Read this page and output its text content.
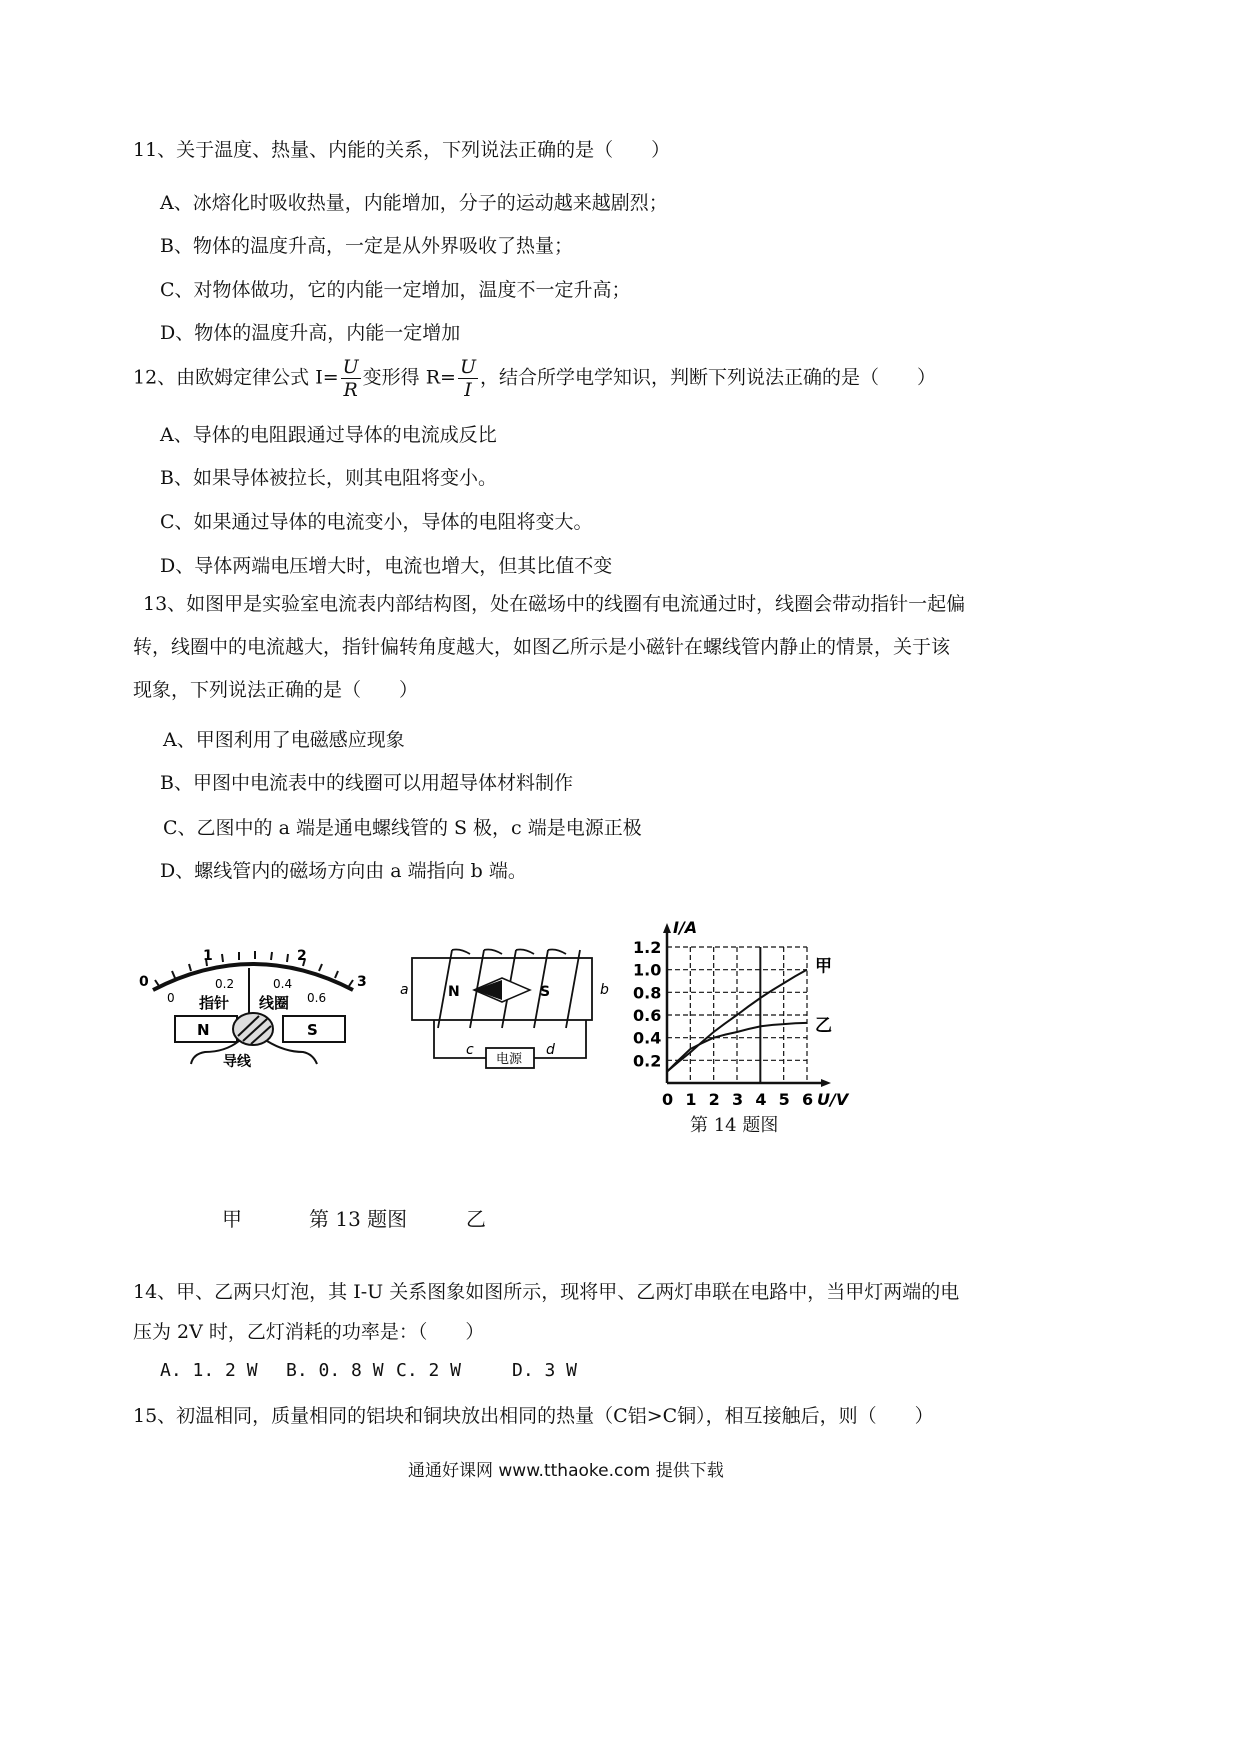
11、关于温度、热量、内能的关系，下列说法正确的是（　　）
A、冰熔化时吸收热量，内能增加，分子的运动越来越剧烈；
B、物体的温度升高，一定是从外界吸收了热量；
C、对物体做功，它的内能一定增加，温度不一定升高；
D、物体的温度升高，内能一定增加
12、由欧姆定律公式 $I= \frac{U}{R}$ 变形得 $R= \frac{U}{I}$ ，结合所学电学知识，判断下列说法正确的是（　　）
A、导体的电阻跟通过导体的电流成反比
B、如果导体被拉长，则其电阻将变小。
C、如果通过导体的电流变小，导体的电阻将变大。
D、导体两端电压增大时，电流也增大，但其比值不变
13、如图甲是实验室电流表内部结构图，处在磁场中的线圈有电流通过时，线圈会带动指针一起偏
转，线圈中的电流越大，指针偏转角度越大，如图乙所示是小磁针在螺线管内静止的情景，关于该
现象，下列说法正确的是（　　）
A、甲图利用了电磁感应现象
B、甲图中电流表中的线圈可以用超导体材料制作
C、乙图中的 a 端是通电螺线管的 S 极，c 端是电源正极
D、螺线管内的磁场方向由 a 端指向 b 端。
0
1	2
3
0
0.2	0.4
0.6
指针 线圈
N	S
导线
a	b
N	S
电源
c	d
甲
乙
0 1 2 3 4 5 6
0.2
0.4
0.6
0.8
1.0
1.2
U/V
I/A
第 14 题图
甲	第 13 题图	乙
14、甲、乙两只灯泡，其 I-U 关系图象如图所示，现将甲、乙两灯串联在电路中，当甲灯两端的电
压为 2V 时，乙灯消耗的功率是：（　　）
A. 1. 2 W B. 0. 8 W C. 2 W	D. 3 W
15、初温相同，质量相同的铝块和铜块放出相同的热量（C铝>C铜），相互接触后，则（　　）
通通好课网 www.tthaoke.com 提供下载
